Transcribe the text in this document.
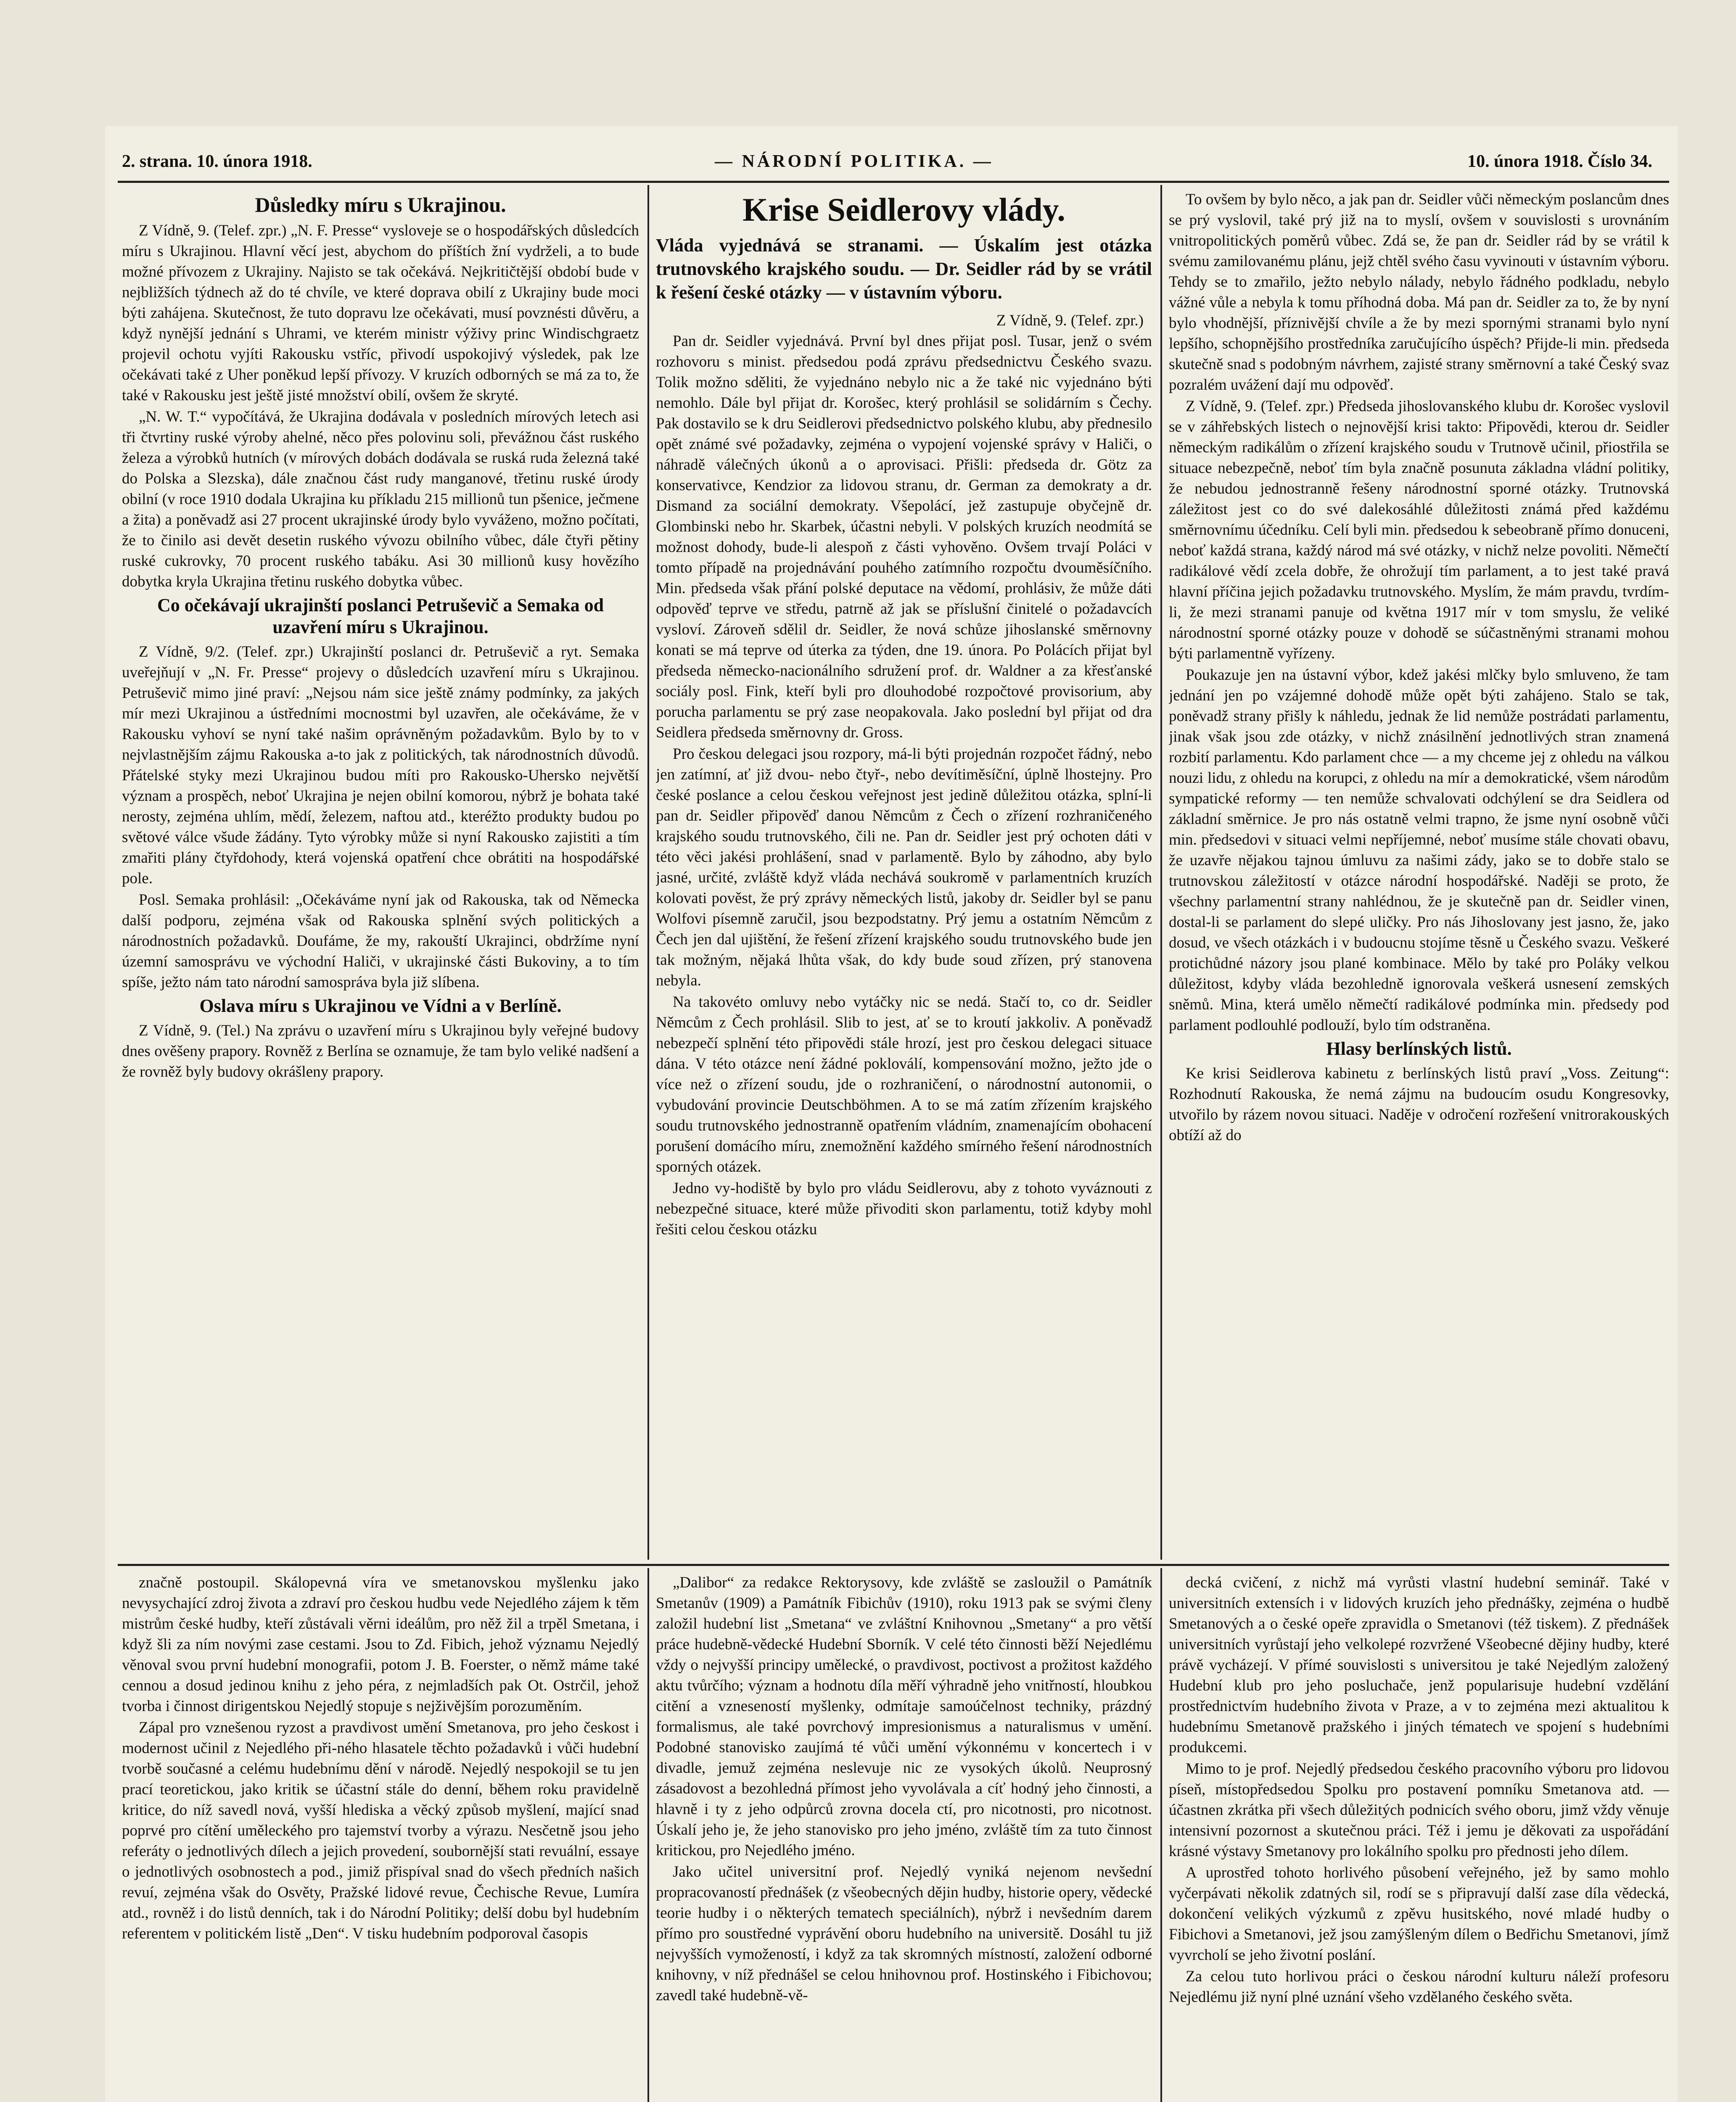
2. strana. 10. února 1918.	— NÁRODNÍ POLITIKA. —	10. února 1918. Číslo 34.
Důsledky míru s Ukrajinou.

Z Vídně, 9. (Telef. zpr.) „N. F. Presse“ vysloveje se o hospodářských důsledcích míru s Ukrajinou. Hlavní věcí jest, abychom do příštích žní vydrželi, a to bude možné přívozem z Ukrajiny. Najisto se tak očekává. Nejkritičtější období bude v nejbližších týdnech až do té chvíle, ve které doprava obilí z Ukrajiny bude moci býti zahájena. Skutečnost, že tuto dopravu lze očekávati, musí povznésti důvěru, a když nynější jednání s Uhrami, ve kterém ministr výživy princ Windischgraetz projevil ochotu vyjíti Rakousku vstříc, přivodí uspokojivý výsledek, pak lze očekávati také z Uher poněkud lepší přívozy. V kruzích odborných se má za to, že také v Rakousku jest ještě jisté množství obilí, ovšem že skryté.

„N. W. T.“ vypočítává, že Ukrajina dodávala v posledních mírových letech asi tři čtvrtiny ruské výroby ahelné, něco přes polovinu soli, převážnou část ruského železa a výrobků hutních (v mírových dobách dodávala se ruská ruda železná také do Polska a Slezska), dále značnou část rudy manganové, třetinu ruské úrody obilní (v roce 1910 dodala Ukrajina ku příkladu 215 millionů tun pšenice, ječmene a žita) a poněvadž asi 27 procent ukrajinské úrody bylo vyváženo, možno počítati, že to činilo asi devět desetin ruského vývozu obilního vůbec, dále čtyři pětiny ruské cukrovky, 70 procent ruského tabáku. Asi 30 millionů kusy hovězího dobytka kryla Ukrajina třetinu ruského dobytka vůbec.

Co očekávají ukrajinští poslanci Petruševič a Semaka od uzavření míru s Ukrajinou.

Z Vídně, 9/2. (Telef. zpr.) Ukrajinští poslanci dr. Petruševič a ryt. Semaka uveřejňují v „N. Fr. Presse“ projevy o důsledcích uzavření míru s Ukrajinou. Petruševič mimo jiné praví: „Nejsou nám sice ještě známy podmínky, za jakých mír mezi Ukrajinou a ústředními mocnostmi byl uzavřen, ale očekáváme, že v Rakousku vyhoví se nyní také našim oprávněným požadavkům. Bylo by to v nejvlastnějším zájmu Rakouska a-to jak z politických, tak národnostních důvodů. Přátelské styky mezi Ukrajinou budou míti pro Rakousko-Uhersko největší význam a prospěch, neboť Ukrajina je nejen obilní komorou, nýbrž je bohata také nerosty, zejména uhlím, mědí, železem, naftou atd., kteréžto produkty budou po světové válce všude žádány. Tyto výrobky může si nyní Rakousko zajistiti a tím zmařiti plány čtyřdohody, která vojenská opatření chce obrátiti na hospodářské pole.

Posl. Semaka prohlásil: „Očekáváme nyní jak od Rakouska, tak od Německa další podporu, zejména však od Rakouska splnění svých politických a národnostních požadavků. Doufáme, že my, rakouští Ukrajinci, obdržíme nyní územní samosprávu ve východní Haliči, v ukrajinské části Bukoviny, a to tím spíše, ježto nám tato národní samospráva byla již slíbena.

Oslava míru s Ukrajinou ve Vídni a v Berlíně.

Z Vídně, 9. (Tel.) Na zprávu o uzavření míru s Ukrajinou byly veřejné budovy dnes ověšeny prapory. Rovněž z Berlína se oznamuje, že tam bylo veliké nadšení a že rovněž byly budovy okrášleny prapory.

Krise Seidlerovy vlády.
Vláda vyjednává se stranami. — Úskalím jest otázka trutnovského krajského soudu. — Dr. Seidler rád by se vrátil k řešení české otázky — v ústavním výboru.
Z Vídně, 9. (Telef. zpr.)

Pan dr. Seidler vyjednává. První byl dnes přijat posl. Tusar, jenž o svém rozhovoru s minist. předsedou podá zprávu předsednictvu Českého svazu. Tolik možno sděliti, že vyjednáno nebylo nic a že také nic vyjednáno býti nemohlo. Dále byl přijat dr. Korošec, který prohlásil se solidárním s Čechy. Pak dostavilo se k dru Seidlerovi předsednictvo polského klubu, aby přednesilo opět známé své požadavky, zejména o vypojení vojenské správy v Haliči, o náhradě válečných úkonů a o aprovisaci. Přišli: předseda dr. Götz za konservativce, Kendzior za lidovou stranu, dr. German za demokraty a dr. Dismand za sociální demokraty. Všepolácí, jež zastupuje obyčejně dr. Glombinski nebo hr. Skarbek, účastni nebyli. V polských kruzích neodmítá se možnost dohody, bude-li alespoň z části vyhověno. Ovšem trvají Poláci v tomto případě na projednávání pouhého zatímního rozpočtu dvouměsíčního. Min. předseda však přání polské deputace na vědomí, prohlásiv, že může dáti odpověď teprve ve středu, patrně až jak se příslušní činitelé o požadavcích vysloví. Zároveň sdělil dr. Seidler, že nová schůze jihoslanské směrnovny konati se má teprve od úterka za týden, dne 19. února. Po Polácích přijat byl předseda německo-nacionálního sdružení prof. dr. Waldner a za křesťanské sociály posl. Fink, kteří byli pro dlouhodobé rozpočtové provisorium, aby porucha parlamentu se prý zase neopakovala. Jako poslední byl přijat od dra Seidlera předseda směrnovny dr. Gross.

Pro českou delegaci jsou rozpory, má-li býti projednán rozpočet řádný, nebo jen zatímní, ať již dvou- nebo čtyř-, nebo devítiměsíční, úplně lhostejny. Pro české poslance a celou českou veřejnost jest jedině důležitou otázka, splní-li pan dr. Seidler připověď danou Němcům z Čech o zřízení rozhraničeného krajského soudu trutnovského, čili ne. Pan dr. Seidler jest prý ochoten dáti v této věci jakési prohlášení, snad v parlamentě. Bylo by záhodno, aby bylo jasné, určité, zvláště když vláda nechává soukromě v parlamentních kruzích kolovati pověst, že prý zprávy německých listů, jakoby dr. Seidler byl se panu Wolfovi písemně zaručil, jsou bezpodstatny. Prý jemu a ostatním Němcům z Čech jen dal ujištění, že řešení zřízení krajského soudu trutnovského bude jen tak možným, nějaká lhůta však, do kdy bude soud zřízen, prý stanovena nebyla.

Na takovéto omluvy nebo vytáčky nic se nedá. Stačí to, co dr. Seidler Němcům z Čech prohlásil. Slib to jest, ať se to kroutí jakkoliv. A poněvadž nebezpečí splnění této připovědi stále hrozí, jest pro českou delegaci situace dána. V této otázce není žádné pokloválí, kompensování možno, ježto jde o více než o zřízení soudu, jde o rozhraničení, o národnostní autonomii, o vybudování provincie Deutschböhmen. A to se má zatím zřízením krajského soudu trutnovského jednostranně opatřením vládním, znamenajícím obohacení porušení domácího míru, znemožnění každého smírného řešení národnostních sporných otázek.

Jedno vy-hodiště by bylo pro vládu Seidlerovu, aby z tohoto vyváznouti z nebezpečné situace, které může přivoditi skon parlamentu, totiž kdyby mohl řešiti celou českou otázku

To ovšem by bylo něco, a jak pan dr. Seidler vůči německým poslancům dnes se prý vyslovil, také prý již na to myslí, ovšem v souvislosti s urovnáním vnitropolitických poměrů vůbec. Zdá se, že pan dr. Seidler rád by se vrátil k svému zamilovanému plánu, jejž chtěl svého času vyvinouti v ústavním výboru. Tehdy se to zmařilo, ježto nebylo nálady, nebylo řádného podkladu, nebylo vážné vůle a nebyla k tomu příhodná doba. Má pan dr. Seidler za to, že by nyní bylo vhodnější, příznivější chvíle a že by mezi spornými stranami bylo nyní lepšího, schopnějšího prostředníka zaručujícího úspěch? Přijde-li min. předseda skutečně snad s podobným návrhem, zajisté strany směrnovní a také Český svaz pozralém uvážení dají mu odpověď.

Z Vídně, 9. (Telef. zpr.) Předseda jihoslovanského klubu dr. Korošec vyslovil se v záhřebských listech o nejnovější krisi takto: Připovědi, kterou dr. Seidler německým radikálům o zřízení krajského soudu v Trutnově učinil, přiostřila se situace nebezpečně, neboť tím byla značně posunuta základna vládní politiky, že nebudou jednostranně řešeny národnostní sporné otázky. Trutnovská záležitost jest co do své dalekosáhlé důležitosti známá před každému směrnovnímu účedníku. Celí byli min. předsedou k sebeobraně přímo donuceni, neboť každá strana, každý národ má své otázky, v nichž nelze povoliti. Němečtí radikálové vědí zcela dobře, že ohrožují tím parlament, a to jest také pravá hlavní příčina jejich požadavku trutnovského. Myslím, že mám pravdu, tvrdím-li, že mezi stranami panuje od května 1917 mír v tom smyslu, že veliké národnostní sporné otázky pouze v dohodě se súčastněnými stranami mohou býti parlamentně vyřízeny.

Poukazuje jen na ústavní výbor, kdež jakési mlčky bylo smluveno, že tam jednání jen po vzájemné dohodě může opět býti zahájeno. Stalo se tak, poněvadž strany přišly k náhledu, jednak že lid nemůže postrádati parlamentu, jinak však jsou zde otázky, v nichž znásilnění jednotlivých stran znamená rozbití parlamentu. Kdo parlament chce — a my chceme jej z ohledu na válkou nouzi lidu, z ohledu na korupci, z ohledu na mír a demokratické, všem národům sympatické reformy — ten nemůže schvalovati odchýlení se dra Seidlera od základní směrnice. Je pro nás ostatně velmi trapno, že jsme nyní osobně vůči min. předsedovi v situaci velmi nepříjemné, neboť musíme stále chovati obavu, že uzavře nějakou tajnou úmluvu za našimi zády, jako se to dobře stalo se trutnovskou záležitostí v otázce národní hospodářské. Naději se proto, že všechny parlamentní strany nahlédnou, že je skutečně pan dr. Seidler vinen, dostal-li se parlament do slepé uličky. Pro nás Jihoslovany jest jasno, že, jako dosud, ve všech otázkách i v budoucnu stojíme těsně u Českého svazu. Veškeré protichůdné názory jsou plané kombinace. Mělo by také pro Poláky velkou důležitost, kdyby vláda bezohledně ignorovala veškerá usnesení zemských sněmů. Mina, která umělo němečtí radikálové podmínka min. předsedy pod parlament podlouhlé podlouží, bylo tím odstraněna.

Hlasy berlínských listů.

Ke krisi Seidlerova kabinetu z berlínských listů praví „Voss. Zeitung“: Rozhodnutí Rakouska, že nemá zájmu na budoucím osudu Kongresovky, utvořilo by rázem novou situaci. Naděje v odročení rozřešení vnitrorakouských obtíží až do

značně postoupil. Skálopevná víra ve smetanovskou myšlenku jako nevysychající zdroj života a zdraví pro českou hudbu vede Nejedlého zájem k těm mistrům české hudby, kteří zůstávali věrni ideálům, pro něž žil a trpěl Smetana, i když šli za ním novými zase cestami. Jsou to Zd. Fibich, jehož významu Nejedlý věnoval svou první hudební monografii, potom J. B. Foerster, o němž máme také cennou a dosud jedinou knihu z jeho péra, z nejmladších pak Ot. Ostrčil, jehož tvorba i činnost dirigentskou Nejedlý stopuje s nejživějším porozuměním.

Zápal pro vznešenou ryzost a pravdivost umění Smetanova, pro jeho českost i modernost učinil z Nejedlého při-ného hlasatele těchto požadavků i vůči hudební tvorbě současné a celému hudebnímu dění v národě. Nejedlý nespokojil se tu jen prací teoretickou, jako kritik se účastní stále do denní, během roku pravidelně kritice, do níž savedl nová, vyšší hlediska a věcký způsob myšlení, mající snad poprvé pro cítění uměleckého pro tajemství tvorby a výrazu. Nesčetně jsou jeho referáty o jednotlivých dílech a jejich provedení, soubornější stati revuální, essaye o jednotlivých osobnostech a pod., jimiž přispíval snad do všech předních našich revuí, zejména však do Osvěty, Pražské lidové revue, Čechische Revue, Lumíra atd., rovněž i do listů denních, tak i do Národní Politiky; delší dobu byl hudebním referentem v politickém listě „Den“. V tisku hudebním podporoval časopis

„Dalibor“ za redakce Rektorysovy, kde zvláště se zasloužil o Památník Smetanův (1909) a Památník Fibichův (1910), roku 1913 pak se svými členy založil hudební list „Smetana“ ve zvláštní Knihovnou „Smetany“ a pro větší práce hudebně-vědecké Hudební Sborník. V celé této činnosti běží Nejedlému vždy o nejvyšší principy umělecké, o pravdivost, poctivost a prožitost každého aktu tvůrčího; význam a hodnotu díla měří výhradně jeho vnitřností, hloubkou citění a vzneseností myšlenky, odmítaje samoúčelnost techniky, prázdný formalismus, ale také povrchový impresionismus a naturalismus v umění. Podobné stanovisko zaujímá té vůči umění výkonnému v koncertech i v divadle, jemuž zejména neslevuje nic ze vysokých úkolů. Neuprosný zásadovost a bezohledná přímost jeho vyvolávala a cíť hodný jeho činnosti, a hlavně i ty z jeho odpůrců zrovna docela ctí, pro nicotnosti, pro nicotnost. Úskalí jeho je, že jeho stanovisko pro jeho jméno, zvláště tím za tuto činnost kritickou, pro Nejedlého jméno.

Jako učitel universitní prof. Nejedlý vyniká nejenom nevšední propracovaností přednášek (z všeobecných dějin hudby, historie opery, vědecké teorie hudby i o některých tematech speciálních), nýbrž i nevšedním darem přímo pro soustředné vyprávění oboru hudebního na universitě. Dosáhl tu již nejvyšších vymožeností, i když za tak skromných místností, založení odborné knihovny, v níž přednášel se celou hnihovnou prof. Hostinského i Fibichovou; zavedl také hudebně-vě-

decká cvičení, z nichž má vyrůsti vlastní hudební seminář. Také v universitních extensích i v lidových kruzích jeho přednášky, zejména o hudbě Smetanových a o české opeře zpravidla o Smetanovi (též tiskem). Z přednášek universitních vyrůstají jeho velkolepé rozvržené Všeobecné dějiny hudby, které právě vycházejí. V přímé souvislosti s universitou je také Nejedlým založený Hudební klub pro jeho posluchače, jenž popularisuje hudební vzdělání prostřednictvím hudebního života v Praze, a v to zejména mezi aktualitou k hudebnímu Smetanově pražského i jiných tématech ve spojení s hudebními produkcemi.

Mimo to je prof. Nejedlý předsedou českého pracovního výboru pro lidovou píseň, místopředsedou Spolku pro postavení pomníku Smetanova atd. — účastnen zkrátka při všech důležitých podnicích svého oboru, jimž vždy věnuje intensivní pozornost a skutečnou práci. Též i jemu je děkovati za uspořádání krásné výstavy Smetanovy pro lokálního spolku pro přednosti jeho dílem.

A uprostřed tohoto horlivého působení veřejného, jež by samo mohlo vyčerpávati několik zdatných sil, rodí se s připravují další zase díla vědecká, dokončení velikých výzkumů z zpěvu husitského, nové mladé hudby o Fibichovi a Smetanovi, jež jsou zamýšleným dílem o Bedřichu Smetanovi, jímž vyvrcholí se jeho životní poslání.

Za celou tuto horlivou práci o českou národní kulturu náleží profesoru Nejedlému již nyní plné uznání všeho vzdělaného českého světa.
